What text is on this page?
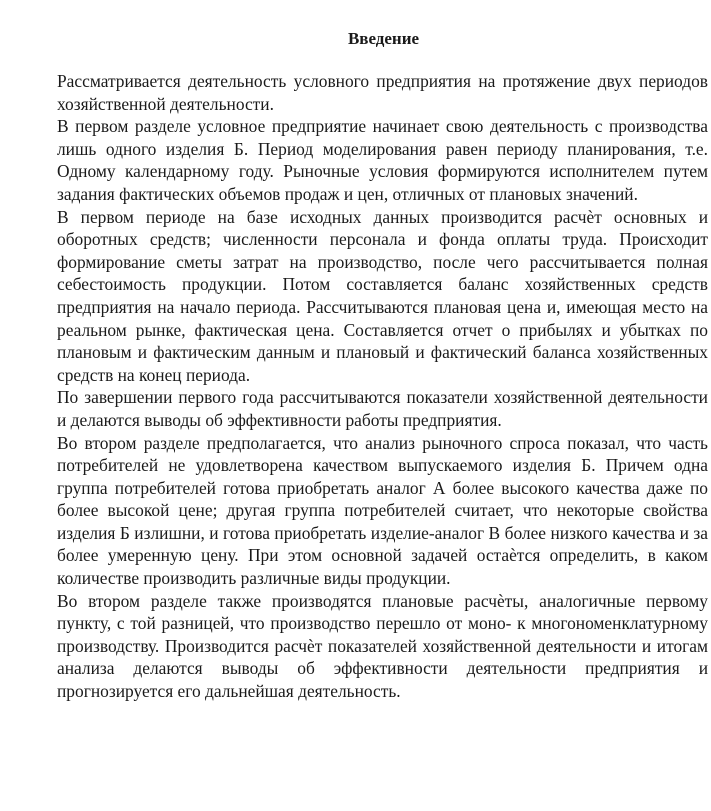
Введение

Рассматривается деятельность условного предприятия на протяжение двух периодов хозяйственной деятельности.

В первом разделе условное предприятие начинает свою деятельность с производства лишь одного изделия Б. Период моделирования равен периоду планирования, т.е. Одному календарному году. Рыночные условия формируются исполнителем путем задания фактических объемов продаж и цен, отличных от плановых значений.

В первом периоде на базе исходных данных производится расчѐт основных и оборотных средств; численности персонала и фонда оплаты труда. Происходит формирование сметы затрат на производство, после чего рассчитывается полная себестоимость продукции. Потом составляется баланс хозяйственных средств предприятия на начало периода. Рассчитываются плановая цена и, имеющая место на реальном рынке, фактическая цена. Составляется отчет о прибылях и убытках по плановым и фактическим данным и плановый и фактический баланса хозяйственных средств на конец периода.

По завершении первого года рассчитываются показатели хозяйственной деятельности и делаются выводы об эффективности работы предприятия.

Во втором разделе предполагается, что анализ рыночного спроса показал, что часть потребителей не удовлетворена качеством выпускаемого изделия Б. Причем одна группа потребителей готова приобретать аналог А более высокого качества даже по более высокой цене; другая группа потребителей считает, что некоторые свойства изделия Б излишни, и готова приобретать изделие-аналог В более низкого качества и за более умеренную цену. При этом основной задачей остаѐтся определить, в каком количестве производить различные виды продукции.

Во втором разделе также производятся плановые расчѐты, аналогичные первому пункту, с той разницей, что производство перешло от моно- к многономенклатурному производству. Производится расчѐт показателей хозяйственной деятельности и итогам анализа делаются выводы об эффективности деятельности предприятия и прогнозируется его дальнейшая деятельность.
